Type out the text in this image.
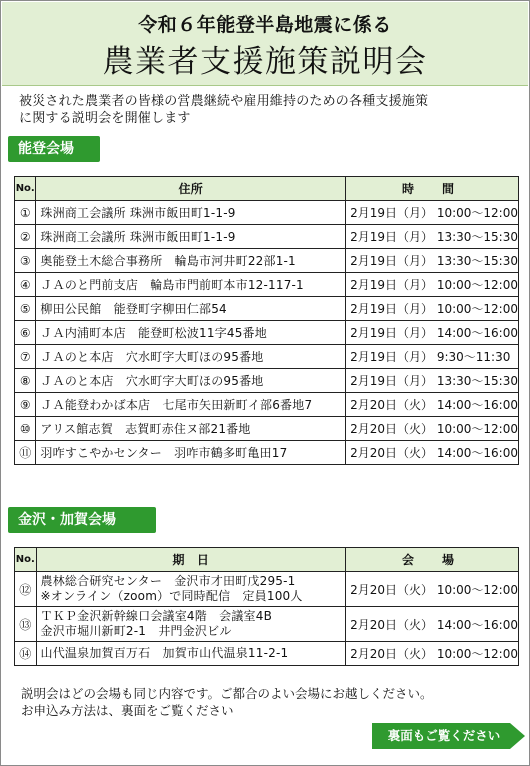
令和６年能登半島地震に係る
農業者支援施策説明会
被災された農業者の皆様の営農継続や雇用維持のための各種支援施策
に関する説明会を開催します
能登会場
No.	住所	時　間
①	珠洲商工会議所 珠洲市飯田町1-1-9	2月19日（月） 10:00～12:00
②	珠洲商工会議所 珠洲市飯田町1-1-9	2月19日（月） 13:30～15:30
③	奥能登土木総合事務所　輪島市河井町22部1-1	2月19日（月） 13:30～15:30
④	ＪＡのと門前支店　輪島市門前町本市12-117-1	2月19日（月） 10:00～12:00
⑤	柳田公民館　能登町字柳田仁部54	2月19日（月） 10:00～12:00
⑥	ＪＡ内浦町本店　能登町松波11字45番地	2月19日（月） 14:00～16:00
⑦	ＪＡのと本店　穴水町字大町ほの95番地	2月19日（月） 9:30～11:30
⑧	ＪＡのと本店　穴水町字大町ほの95番地	2月19日（月） 13:30～15:30
⑨	ＪＡ能登わかば本店　七尾市矢田新町イ部6番地7	2月20日（火） 14:00～16:00
⑩	アリス館志賀　志賀町赤住ヌ部21番地	2月20日（火） 10:00～12:00
⑪	羽咋すこやかセンター　羽咋市鶴多町亀田17	2月20日（火） 14:00～16:00
金沢・加賀会場
No.	期　日	会　場
⑫	農林総合研究センター　金沢市才田町戊295-1
※オンライン（zoom）で同時配信　定員100人	2月20日（火） 10:00～12:00
⑬	ＴＫＰ金沢新幹線口会議室4階　会議室4B
金沢市堀川新町2-1　井門金沢ビル	2月20日（火） 14:00～16:00
⑭	山代温泉加賀百万石　加賀市山代温泉11-2-1	2月20日（火） 10:00～12:00
説明会はどの会場も同じ内容です。ご都合のよい会場にお越しください。
お申込み方法は、裏面をご覧ください
裏面もご覧ください
